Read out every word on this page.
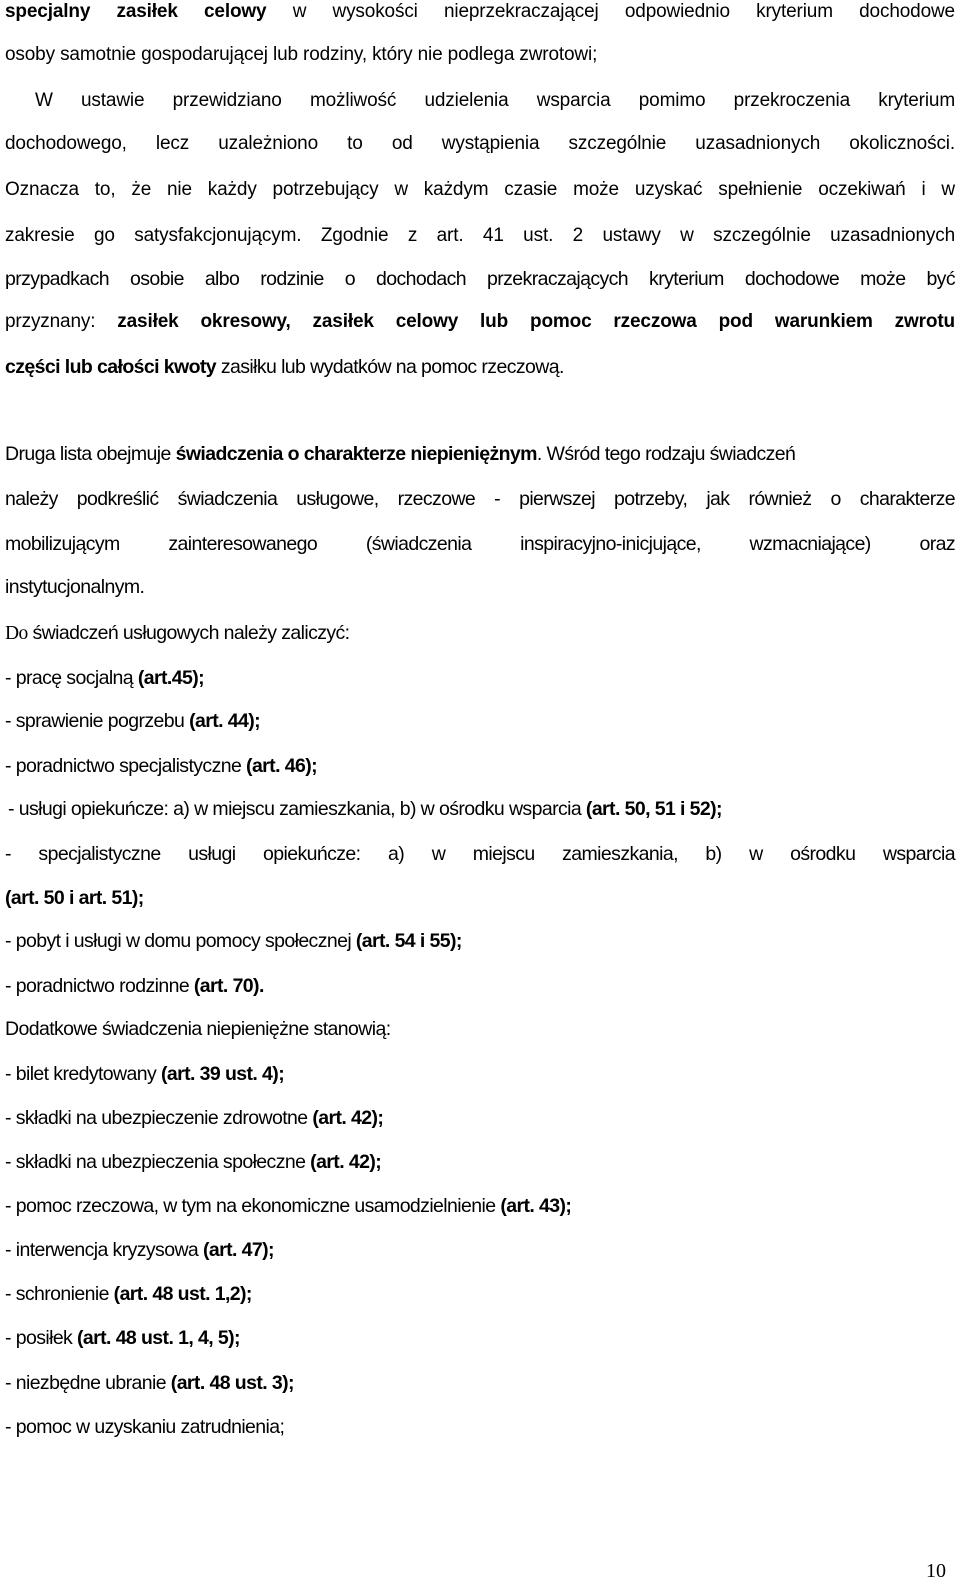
specjalny zasiłek celowy w wysokości nieprzekraczającej odpowiednio kryterium dochodowe
osoby samotnie gospodarującej lub rodziny, który nie podlega zwrotowi;
W ustawie przewidziano możliwość udzielenia wsparcia pomimo przekroczenia kryterium
dochodowego, lecz uzależniono to od wystąpienia szczególnie uzasadnionych okoliczności.
Oznacza to, że nie każdy potrzebujący w każdym czasie może uzyskać spełnienie oczekiwań i w
zakresie go satysfakcjonującym. Zgodnie z art. 41 ust. 2 ustawy w szczególnie uzasadnionych
przypadkach osobie albo rodzinie o dochodach przekraczających kryterium dochodowe może być
przyznany: zasiłek okresowy, zasiłek celowy lub pomoc rzeczowa pod warunkiem zwrotu
części lub całości kwoty zasiłku lub wydatków na pomoc rzeczową.
Druga lista obejmuje świadczenia o charakterze niepieniężnym. Wśród tego rodzaju świadczeń
należy podkreślić świadczenia usługowe, rzeczowe - pierwszej potrzeby, jak również o charakterze
mobilizującym zainteresowanego (świadczenia inspiracyjno-inicjujące, wzmacniające) oraz
instytucjonalnym.
Do świadczeń usługowych należy zaliczyć:
- pracę socjalną (art.45);
- sprawienie pogrzebu (art. 44);
- poradnictwo specjalistyczne (art. 46);
- usługi opiekuńcze: a) w miejscu zamieszkania, b) w ośrodku wsparcia (art. 50, 51 i 52);
- specjalistyczne usługi opiekuńcze: a) w miejscu zamieszkania, b) w ośrodku wsparcia
(art. 50 i art. 51);
- pobyt i usługi w domu pomocy społecznej (art. 54 i 55);
- poradnictwo rodzinne (art. 70).
Dodatkowe świadczenia niepieniężne stanowią:
- bilet kredytowany (art. 39 ust. 4);
- składki na ubezpieczenie zdrowotne (art. 42);
- składki na ubezpieczenia społeczne (art. 42);
- pomoc rzeczowa, w tym na ekonomiczne usamodzielnienie (art. 43);
- interwencja kryzysowa (art. 47);
- schronienie (art. 48 ust. 1,2);
- posiłek (art. 48 ust. 1, 4, 5);
- niezbędne ubranie (art. 48 ust. 3);
- pomoc w uzyskaniu zatrudnienia;
10
